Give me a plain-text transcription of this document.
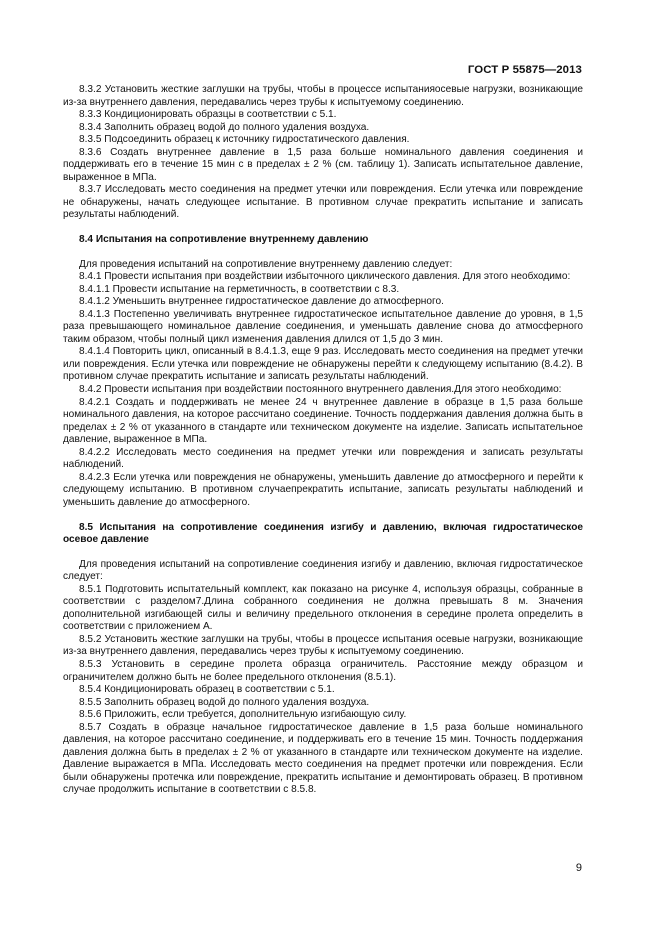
ГОСТ Р 55875—2013

8.3.2 Установить жесткие заглушки на трубы, чтобы в процессе испытанияосевые нагрузки, возникающие из-за внутреннего давления, передавались через трубы к испытуемому соединению.

8.3.3 Кондиционировать образцы в соответствии с 5.1.

8.3.4 Заполнить образец водой до полного удаления воздуха.

8.3.5 Подсоединить образец к источнику гидростатического давления.

8.3.6 Создать внутреннее давление в 1,5 раза больше номинального давления соединения и поддерживать его в течение 15 мин с в пределах ± 2 % (см. таблицу 1). Записать испытательное давление, выраженное в МПа.

8.3.7 Исследовать место соединения на предмет утечки или повреждения. Если утечка или повреждение не обнаружены, начать следующее испытание. В противном случае прекратить испытание и записать результаты наблюдений.

8.4 Испытания на сопротивление внутреннему давлению

Для проведения испытаний на сопротивление внутреннему давлению следует:

8.4.1 Провести испытания при воздействии избыточного циклического давления. Для этого необходимо:

8.4.1.1 Провести испытание на герметичность, в соответствии с 8.3.

8.4.1.2 Уменьшить внутреннее гидростатическое давление до атмосферного.

8.4.1.3 Постепенно увеличивать внутреннее гидростатическое испытательное давление до уровня, в 1,5 раза превышающего номинальное давление соединения, и уменьшать давление снова до атмосферного таким образом, чтобы полный цикл изменения давления длился от 1,5 до 3 мин.

8.4.1.4 Повторить цикл, описанный в 8.4.1.3, еще 9 раз. Исследовать место соединения на предмет утечки или повреждения. Если утечка или повреждение не обнаружены перейти к следующему испытанию (8.4.2). В противном случае прекратить испытание и записать результаты наблюдений.

8.4.2 Провести испытания при воздействии постоянного внутреннего давления.Для этого необходимо:

8.4.2.1 Создать и поддерживать не менее 24 ч внутреннее давление в образце в 1,5 раза больше номинального давления, на которое рассчитано соединение. Точность поддержания давления должна быть в пределах ± 2 % от указанного в стандарте или техническом документе на изделие. Записать испытательное давление, выраженное в МПа.

8.4.2.2 Исследовать место соединения на предмет утечки или повреждения и записать результаты наблюдений.

8.4.2.3 Если утечка или повреждения не обнаружены, уменьшить давление до атмосферного и перейти к следующему испытанию. В противном случаепрекратить испытание, записать результаты наблюдений и уменьшить давление до атмосферного.

8.5 Испытания на сопротивление соединения изгибу и давлению, включая гидростатическое осевое давление

Для проведения испытаний на сопротивление соединения изгибу и давлению, включая гидростатическое следует:

8.5.1 Подготовить испытательный комплект, как показано на рисунке 4, используя образцы, собранные в соответствии с разделом7.Длина собранного соединения не должна превышать 8 м. Значения дополнительной изгибающей силы и величину предельного отклонения в середине пролета определить в соответствии с приложением А.

8.5.2 Установить жесткие заглушки на трубы, чтобы в процессе испытания осевые нагрузки, возникающие из-за внутреннего давления, передавались через трубы к испытуемому соединению.

8.5.3 Установить в середине пролета образца ограничитель. Расстояние между образцом и ограничителем должно быть не более предельного отклонения (8.5.1).

8.5.4 Кондиционировать образец в соответствии с 5.1.

8.5.5 Заполнить образец водой до полного удаления воздуха.

8.5.6 Приложить, если требуется, дополнительную изгибающую силу.

8.5.7 Создать в образце начальное гидростатическое давление в 1,5 раза больше номинального давления, на которое рассчитано соединение, и поддерживать его в течение 15 мин. Точность поддержания давления должна быть в пределах ± 2 % от указанного в стандарте или техническом документе на изделие. Давление выражается в МПа. Исследовать место соединения на предмет протечки или повреждения. Если были обнаружены протечка или повреждение, прекратить испытание и демонтировать образец. В противном случае продолжить испытание в соответствии с 8.5.8.

9
